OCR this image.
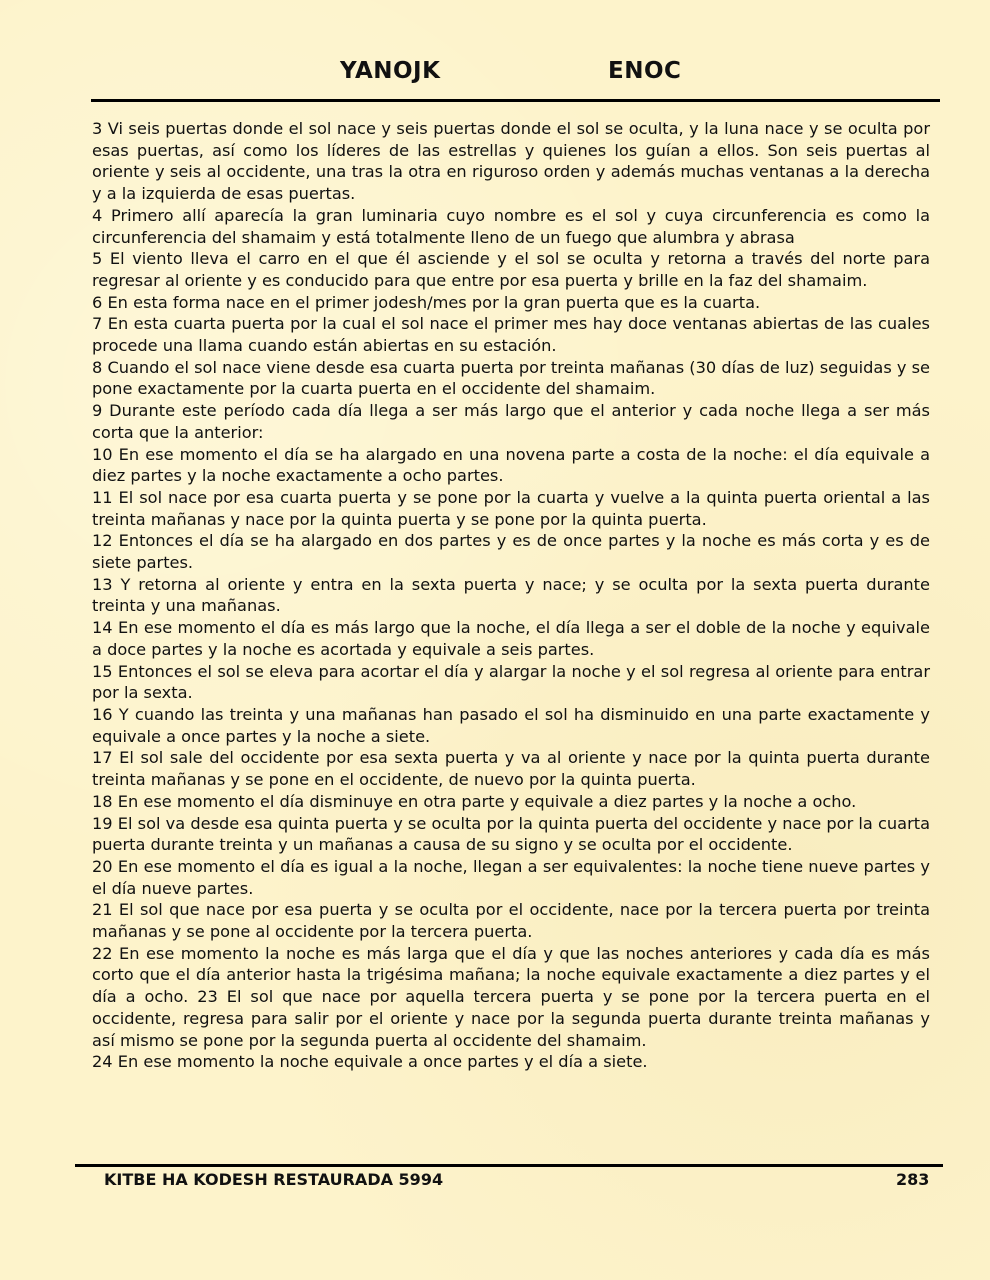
YANOJK	ENOC

3 Vi seis puertas donde el sol nace y seis puertas donde el sol se oculta, y la luna nace y se oculta por esas puertas, así como los líderes de las estrellas y quienes los guían a ellos. Son seis puertas al oriente y seis al occidente, una tras la otra en riguroso orden y además muchas ventanas a la derecha y a la izquierda de esas puertas.

4 Primero allí aparecía la gran luminaria cuyo nombre es el sol y cuya circunferencia es como la circunferencia del shamaim y está totalmente lleno de un fuego que alumbra y abrasa

5 El viento lleva el carro en el que él asciende y el sol se oculta y retorna a través del norte para regresar al oriente y es conducido para que entre por esa puerta y brille en la faz del shamaim.

6 En esta forma nace en el primer jodesh/mes por la gran puerta que es la cuarta.

7 En esta cuarta puerta por la cual el sol nace el primer mes hay doce ventanas abiertas de las cuales procede una llama cuando están abiertas en su estación.

8 Cuando el sol nace viene desde esa cuarta puerta por treinta mañanas (30 días de luz) seguidas y se pone exactamente por la cuarta puerta en el occidente del shamaim.

9 Durante este período cada día llega a ser más largo que el anterior y cada noche llega a ser más corta que la anterior:

10 En ese momento el día se ha alargado en una novena parte a costa de la noche: el día equivale a diez partes y la noche exactamente a ocho partes.

11 El sol nace por esa cuarta puerta y se pone por la cuarta y vuelve a la quinta puerta oriental a las treinta mañanas y nace por la quinta puerta y se pone por la quinta puerta.

12 Entonces el día se ha alargado en dos partes y es de once partes y la noche es más corta y es de siete partes.

13 Y retorna al oriente y entra en la sexta puerta y nace; y se oculta por la sexta puerta durante treinta y una mañanas.

14 En ese momento el día es más largo que la noche, el día llega a ser el doble de la noche y equivale a doce partes y la noche es acortada y equivale a seis partes.

15 Entonces el sol se eleva para acortar el día y alargar la noche y el sol regresa al oriente para entrar por la sexta.

16 Y cuando las treinta y una mañanas han pasado el sol ha disminuido en una parte exactamente y equivale a once partes y la noche a siete.

17 El sol sale del occidente por esa sexta puerta y va al oriente y nace por la quinta puerta durante treinta mañanas y se pone en el occidente, de nuevo por la quinta puerta.

18 En ese momento el día disminuye en otra parte y equivale a diez partes y la noche a ocho.

19 El sol va desde esa quinta puerta y se oculta por la quinta puerta del occidente y nace por la cuarta puerta durante treinta y un mañanas a causa de su signo y se oculta por el occidente.

20 En ese momento el día es igual a la noche, llegan a ser equivalentes: la noche tiene nueve partes y el día nueve partes.

21 El sol que nace por esa puerta y se oculta por el occidente, nace por la tercera puerta por treinta mañanas y se pone al occidente por la tercera puerta.

22 En ese momento la noche es más larga que el día y que las noches anteriores y cada día es más corto que el día anterior hasta la trigésima mañana; la noche equivale exactamente a diez partes y el día a ocho. 23 El sol que nace por aquella tercera puerta y se pone por la tercera puerta en el occidente, regresa para salir por el oriente y nace por la segunda puerta durante treinta mañanas y así mismo se pone por la segunda puerta al occidente del shamaim.

24 En ese momento la noche equivale a once partes y el día a siete.

KITBE HA KODESH RESTAURADA 5994	283
